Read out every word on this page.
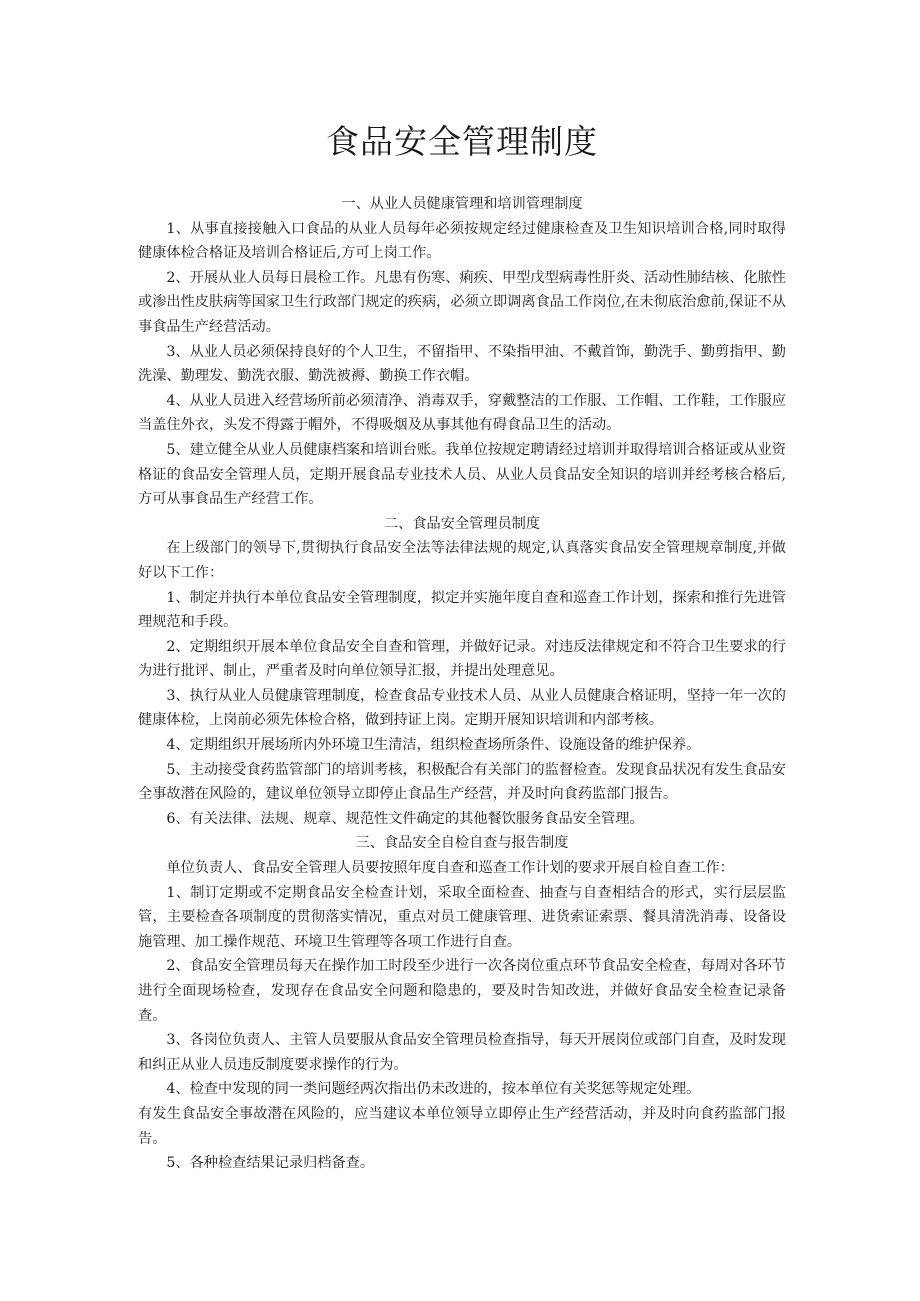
食品安全管理制度
一、从业人员健康管理和培训管理制度

1、从事直接接触入口食品的从业人员每年必须按规定经过健康检查及卫生知识培训合格,同时取得健康体检合格证及培训合格证后,方可上岗工作。

2、开展从业人员每日晨检工作。凡患有伤寒、痢疾、甲型戊型病毒性肝炎、活动性肺结核、化脓性或渗出性皮肤病等国家卫生行政部门规定的疾病，必须立即调离食品工作岗位,在未彻底治愈前,保证不从事食品生产经营活动。

3、从业人员必须保持良好的个人卫生，不留指甲、不染指甲油、不戴首饰，勤洗手、勤剪指甲、勤洗澡、勤理发、勤洗衣服、勤洗被褥、勤换工作衣帽。

4、从业人员进入经营场所前必须清净、消毒双手，穿戴整洁的工作服、工作帽、工作鞋，工作服应当盖住外衣，头发不得露于帽外，不得吸烟及从事其他有碍食品卫生的活动。

5、建立健全从业人员健康档案和培训台账。我单位按规定聘请经过培训并取得培训合格证或从业资格证的食品安全管理人员，定期开展食品专业技术人员、从业人员食品安全知识的培训并经考核合格后,方可从事食品生产经营工作。

二、食品安全管理员制度

在上级部门的领导下,贯彻执行食品安全法等法律法规的规定,认真落实食品安全管理规章制度,并做好以下工作：

1、制定并执行本单位食品安全管理制度，拟定并实施年度自查和巡查工作计划，探索和推行先进管理规范和手段。

2、定期组织开展本单位食品安全自查和管理，并做好记录。对违反法律规定和不符合卫生要求的行为进行批评、制止，严重者及时向单位领导汇报，并提出处理意见。

3、执行从业人员健康管理制度，检查食品专业技术人员、从业人员健康合格证明，坚持一年一次的健康体检，上岗前必须先体检合格，做到持证上岗。定期开展知识培训和内部考核。

4、定期组织开展场所内外环境卫生清洁，组织检查场所条件、设施设备的维护保养。

5、主动接受食药监管部门的培训考核，积极配合有关部门的监督检查。发现食品状况有发生食品安全事故潜在风险的，建议单位领导立即停止食品生产经营，并及时向食药监部门报告。

6、有关法律、法规、规章、规范性文件确定的其他餐饮服务食品安全管理。

三、食品安全自检自查与报告制度

单位负责人、食品安全管理人员要按照年度自查和巡查工作计划的要求开展自检自查工作：

1、制订定期或不定期食品安全检查计划，采取全面检查、抽查与自查相结合的形式，实行层层监管，主要检查各项制度的贯彻落实情况，重点对员工健康管理、进货索证索票、餐具清洗消毒、设备设施管理、加工操作规范、环境卫生管理等各项工作进行自查。

2、食品安全管理员每天在操作加工时段至少进行一次各岗位重点环节食品安全检查，每周对各环节进行全面现场检查，发现存在食品安全问题和隐患的，要及时告知改进，并做好食品安全检查记录备查。

3、各岗位负责人、主管人员要服从食品安全管理员检查指导，每天开展岗位或部门自查，及时发现和纠正从业人员违反制度要求操作的行为。

4、检查中发现的同一类问题经两次指出仍未改进的，按本单位有关奖惩等规定处理。

有发生食品安全事故潜在风险的，应当建议本单位领导立即停止生产经营活动，并及时向食药监部门报告。

5、各种检查结果记录归档备查。
